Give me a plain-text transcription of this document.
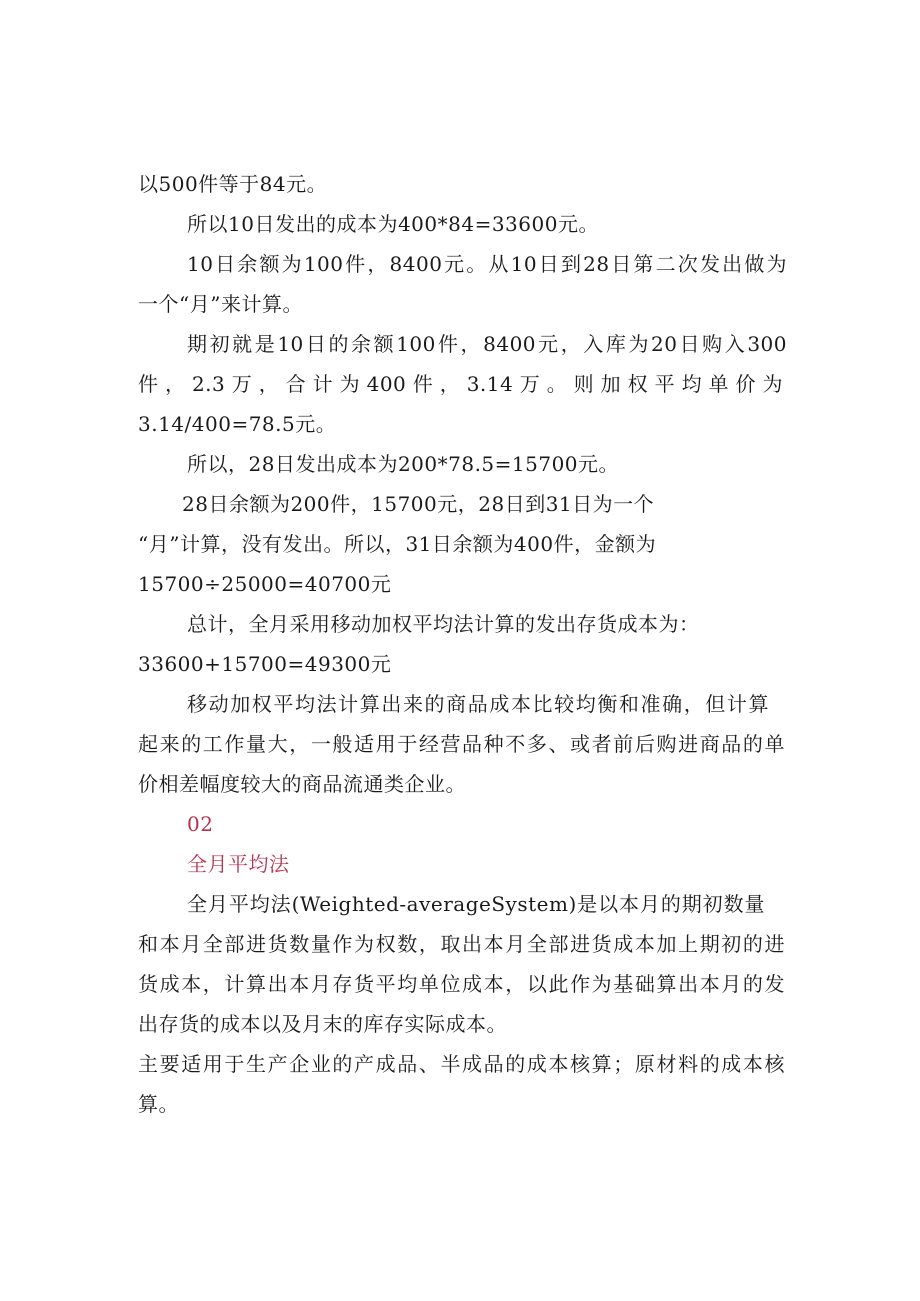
以500件等于84元。
所以10日发出的成本为400*84=33600元。
10日余额为100件，8400元。从10日到28日第二次发出做为
一个“月”来计算。
期初就是10日的余额100件，8400元，入库为20日购入300
件，2.3万，合计为400件，3.14万。则加权平均单价为
3.14/400=78.5元。
所以，28日发出成本为200*78.5=15700元。
28日余额为200件，15700元，28日到31日为一个
“月”计算，没有发出。所以，31日余额为400件，金额为
15700÷25000=40700元
总计，全月采用移动加权平均法计算的发出存货成本为：
33600+15700=49300元
移动加权平均法计算出来的商品成本比较均衡和准确，但计算
起来的工作量大，一般适用于经营品种不多、或者前后购进商品的单
价相差幅度较大的商品流通类企业。
02
全月平均法
全月平均法(Weighted-averageSystem)是以本月的期初数量
和本月全部进货数量作为权数，取出本月全部进货成本加上期初的进
货成本，计算出本月存货平均单位成本，以此作为基础算出本月的发
出存货的成本以及月末的库存实际成本。
主要适用于生产企业的产成品、半成品的成本核算；原材料的成本核
算。
